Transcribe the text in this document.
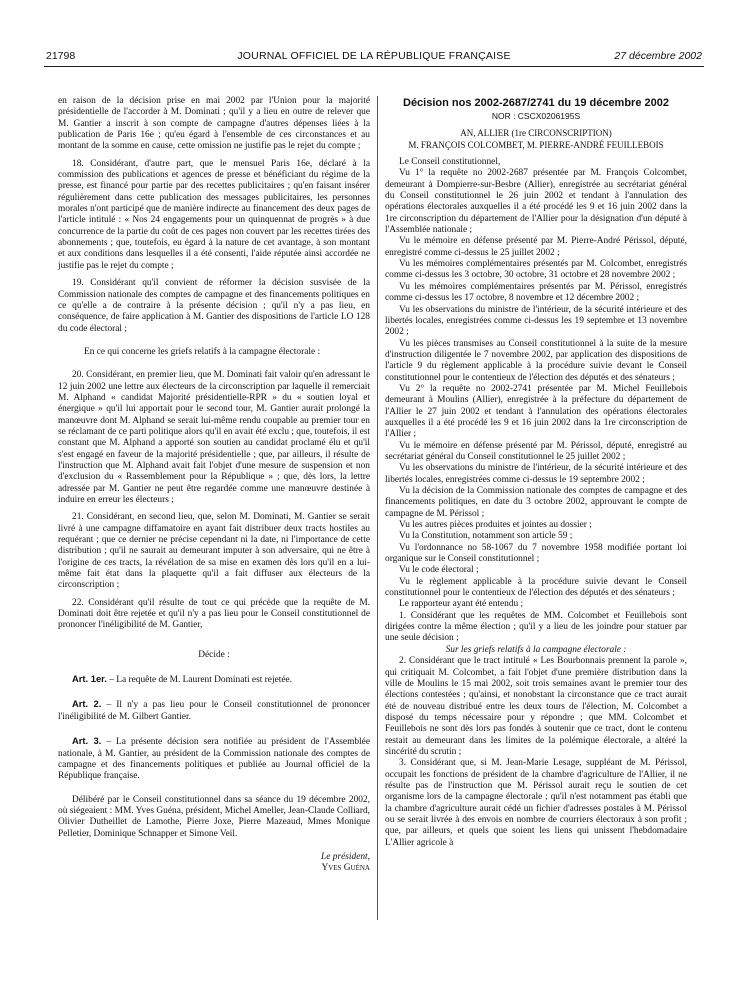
21798	JOURNAL OFFICIEL DE LA RÉPUBLIQUE FRANÇAISE	27 décembre 2002

en raison de la décision prise en mai 2002 par l'Union pour la majorité présidentielle de l'accorder à M. Dominati ; qu'il y a lieu en outre de relever que M. Gantier a inscrit à son compte de campagne d'autres dépenses liées à la publication de Paris 16e ; qu'eu égard à l'ensemble de ces circonstances et au montant de la somme en cause, cette omission ne justifie pas le rejet du compte ;

18. Considérant, d'autre part, que le mensuel Paris 16e, déclaré à la commission des publications et agences de presse et bénéficiant du régime de la presse, est financé pour partie par des recettes publicitaires ; qu'en faisant insérer régulièrement dans cette publication des messages publicitaires, les personnes morales n'ont participé que de manière indirecte au financement des deux pages de l'article intitulé : « Nos 24 engagements pour un quinquennat de progrès » à due concurrence de la partie du coût de ces pages non couvert par les recettes tirées des abonnements ; que, toutefois, eu égard à la nature de cet avantage, à son montant et aux conditions dans lesquelles il a été consenti, l'aide réputée ainsi accordée ne justifie pas le rejet du compte ;

19. Considérant qu'il convient de réformer la décision susvisée de la Commission nationale des comptes de campagne et des financements politiques en ce qu'elle a de contraire à la présente décision ; qu'il n'y a pas lieu, en conséquence, de faire application à M. Gantier des dispositions de l'article LO 128 du code électoral ;

En ce qui concerne les griefs relatifs à la campagne électorale :

20. Considérant, en premier lieu, que M. Dominati fait valoir qu'en adressant le 12 juin 2002 une lettre aux électeurs de la circonscription par laquelle il remerciait M. Alphand « candidat Majorité présidentielle-RPR » du « soutien loyal et énergique » qu'il lui apportait pour le second tour, M. Gantier aurait prolongé la manœuvre dont M. Alphand se serait lui-même rendu coupable au premier tour en se réclamant de ce parti politique alors qu'il en avait été exclu ; que, toutefois, il est constant que M. Alphand a apporté son soutien au candidat proclamé élu et qu'il s'est engagé en faveur de la majorité présidentielle ; que, par ailleurs, il résulte de l'instruction que M. Alphand avait fait l'objet d'une mesure de suspension et non d'exclusion du « Rassemblement pour la République » ; que, dès lors, la lettre adressée par M. Gantier ne peut être regardée comme une manœuvre destinée à induire en erreur les électeurs ;

21. Considérant, en second lieu, que, selon M. Dominati, M. Gantier se serait livré à une campagne diffamatoire en ayant fait distribuer deux tracts hostiles au requérant ; que ce dernier ne précise cependant ni la date, ni l'importance de cette distribution ; qu'il ne saurait au demeurant imputer à son adversaire, qui ne être à l'origine de ces tracts, la révélation de sa mise en examen dès lors qu'il en a lui-même fait état dans la plaquette qu'il a fait diffuser aux électeurs de la circonscription ;

22. Considérant qu'il résulte de tout ce qui précède que la requête de M. Dominati doit être rejetée et qu'il n'y a pas lieu pour le Conseil constitutionnel de prononcer l'inéligibilité de M. Gantier,

Décide :

Art. 1er. – La requête de M. Laurent Dominati est rejetée.

Art. 2. – Il n'y a pas lieu pour le Conseil constitutionnel de prononcer l'inéligibilité de M. Gilbert Gantier.

Art. 3. – La présente décision sera notifiée au président de l'Assemblée nationale, à M. Gantier, au président de la Commission nationale des comptes de campagne et des financements politiques et publiée au Journal officiel de la République française.

Délibéré par le Conseil constitutionnel dans sa séance du 19 décembre 2002, où siégeaient : MM. Yves Guéna, président, Michel Ameller, Jean-Claude Colliard, Olivier Dutheillet de Lamothe, Pierre Joxe, Pierre Mazeaud, Mmes Monique Pelletier, Dominique Schnapper et Simone Veil.

Le président,
Yves Guéna

Décision nos 2002-2687/2741 du 19 décembre 2002

NOR : CSCX0206195S

AN, ALLIER (1re CIRCONSCRIPTION)

M. FRANÇOIS COLCOMBET, M. PIERRE-ANDRÉ FEUILLEBOIS

Le Conseil constitutionnel,

Vu 1° la requête no 2002-2687 présentée par M. François Colcombet, demeurant à Dompierre-sur-Besbre (Allier), enregistrée au secrétariat général du Conseil constitutionnel le 26 juin 2002 et tendant à l'annulation des opérations électorales auxquelles il a été procédé les 9 et 16 juin 2002 dans la 1re circonscription du département de l'Allier pour la désignation d'un député à l'Assemblée nationale ;

Vu le mémoire en défense présenté par M. Pierre-André Périssol, député, enregistré comme ci-dessus le 25 juillet 2002 ;

Vu les mémoires complémentaires présentés par M. Colcombet, enregistrés comme ci-dessus les 3 octobre, 30 octobre, 31 octobre et 28 novembre 2002 ;

Vu les mémoires complémentaires présentés par M. Périssol, enregistrés comme ci-dessus les 17 octobre, 8 novembre et 12 décembre 2002 ;

Vu les observations du ministre de l'intérieur, de la sécurité intérieure et des libertés locales, enregistrées comme ci-dessus les 19 septembre et 13 novembre 2002 ;

Vu les pièces transmises au Conseil constitutionnel à la suite de la mesure d'instruction diligentée le 7 novembre 2002, par application des dispositions de l'article 9 du règlement applicable à la procédure suivie devant le Conseil constitutionnel pour le contentieux de l'élection des députés et des sénateurs ;

Vu 2° la requête no 2002-2741 présentée par M. Michel Feuillebois demeurant à Moulins (Allier), enregistrée à la préfecture du département de l'Allier le 27 juin 2002 et tendant à l'annulation des opérations électorales auxquelles il a été procédé les 9 et 16 juin 2002 dans la 1re circonscription de l'Allier ;

Vu le mémoire en défense présenté par M. Périssol, député, enregistré au secrétariat général du Conseil constitutionnel le 25 juillet 2002 ;

Vu les observations du ministre de l'intérieur, de la sécurité intérieure et des libertés locales, enregistrées comme ci-dessus le 19 septembre 2002 ;

Vu la décision de la Commission nationale des comptes de campagne et des financements politiques, en date du 3 octobre 2002, approuvant le compte de campagne de M. Périssol ;

Vu les autres pièces produites et jointes au dossier ;

Vu la Constitution, notamment son article 59 ;

Vu l'ordonnance no 58-1067 du 7 novembre 1958 modifiée portant loi organique sur le Conseil constitutionnel ;

Vu le code électoral ;

Vu le règlement applicable à la procédure suivie devant le Conseil constitutionnel pour le contentieux de l'élection des députés et des sénateurs ;

Le rapporteur ayant été entendu ;

1. Considérant que les requêtes de MM. Colcombet et Feuillebois sont dirigées contre la même élection ; qu'il y a lieu de les joindre pour statuer par une seule décision ;

Sur les griefs relatifs à la campagne électorale :

2. Considérant que le tract intitulé « Les Bourbonnais prennent la parole », qui critiquait M. Colcombet, a fait l'objet d'une première distribution dans la ville de Moulins le 15 mai 2002, soit trois semaines avant le premier tour des élections contestées ; qu'ainsi, et nonobstant la circonstance que ce tract aurait été de nouveau distribué entre les deux tours de l'élection, M. Colcombet a disposé du temps nécessaire pour y répondre ; que MM. Colcombet et Feuillebois ne sont dès lors pas fondés à soutenir que ce tract, dont le contenu restait au demeurant dans les limites de la polémique électorale, a altéré la sincérité du scrutin ;

3. Considérant que, si M. Jean-Marie Lesage, suppléant de M. Périssol, occupait les fonctions de président de la chambre d'agriculture de l'Allier, il ne résulte pas de l'instruction que M. Périssol aurait reçu le soutien de cet organisme lors de la campagne électorale ; qu'il n'est notamment pas établi que la chambre d'agriculture aurait cédé un fichier d'adresses postales à M. Périssol ou se serait livrée à des envois en nombre de courriers électoraux à son profit ; que, par ailleurs, et quels que soient les liens qui unissent l'hebdomadaire L'Allier agricole à
